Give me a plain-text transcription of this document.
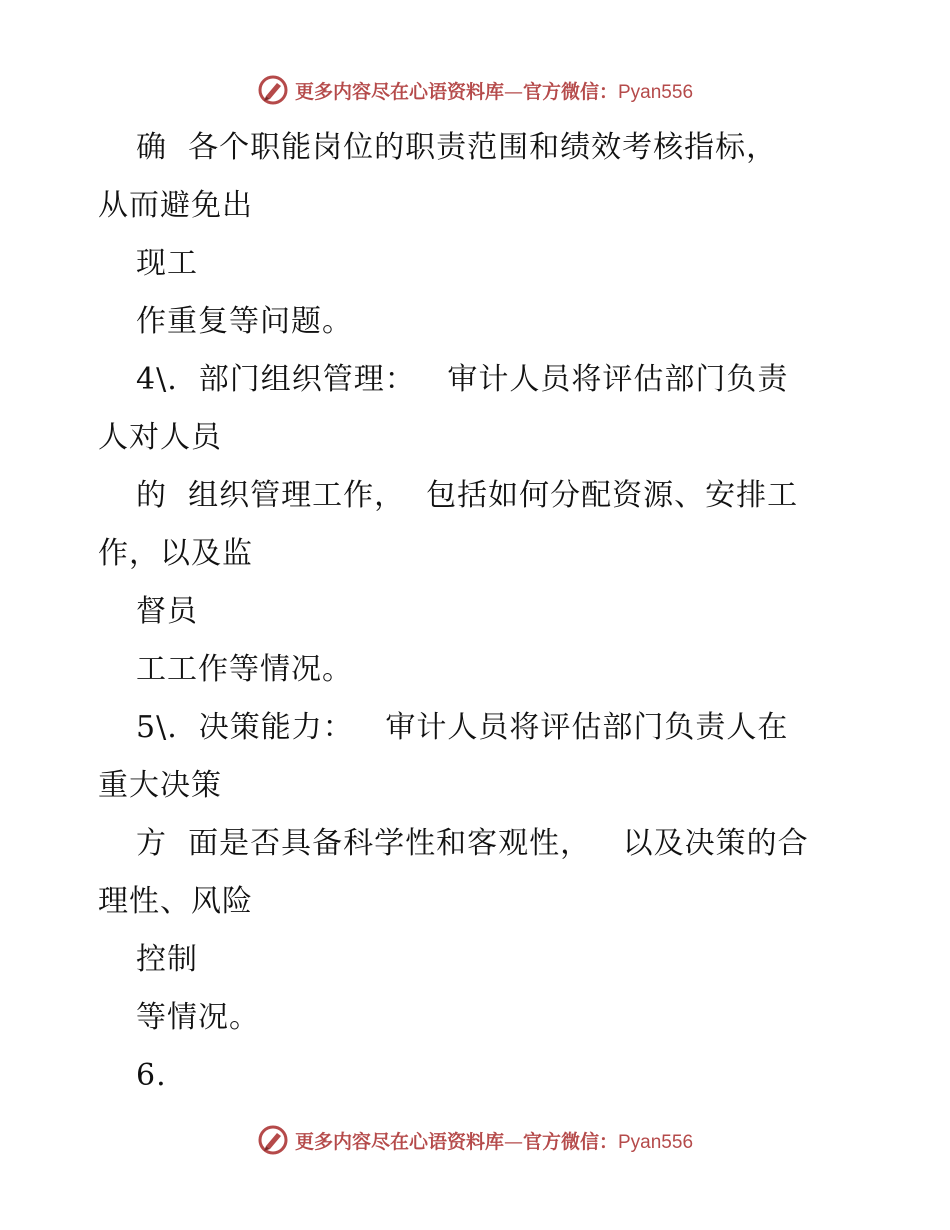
更多内容尽在心语资料库—官方微信：Pyan556
确  各个职能岗位的职责范围和绩效考核指标，
从而避免出
现工
作重复等问题。
4\.  部门组织管理：   审计人员将评估部门负责
人对人员
的  组织管理工作，  包括如何分配资源、安排工
作，以及监
督员
工工作等情况。
5\.  决策能力：   审计人员将评估部门负责人在
重大决策
方  面是否具备科学性和客观性，   以及决策的合
理性、风险
控制
等情况。
6.
更多内容尽在心语资料库—官方微信：Pyan556
